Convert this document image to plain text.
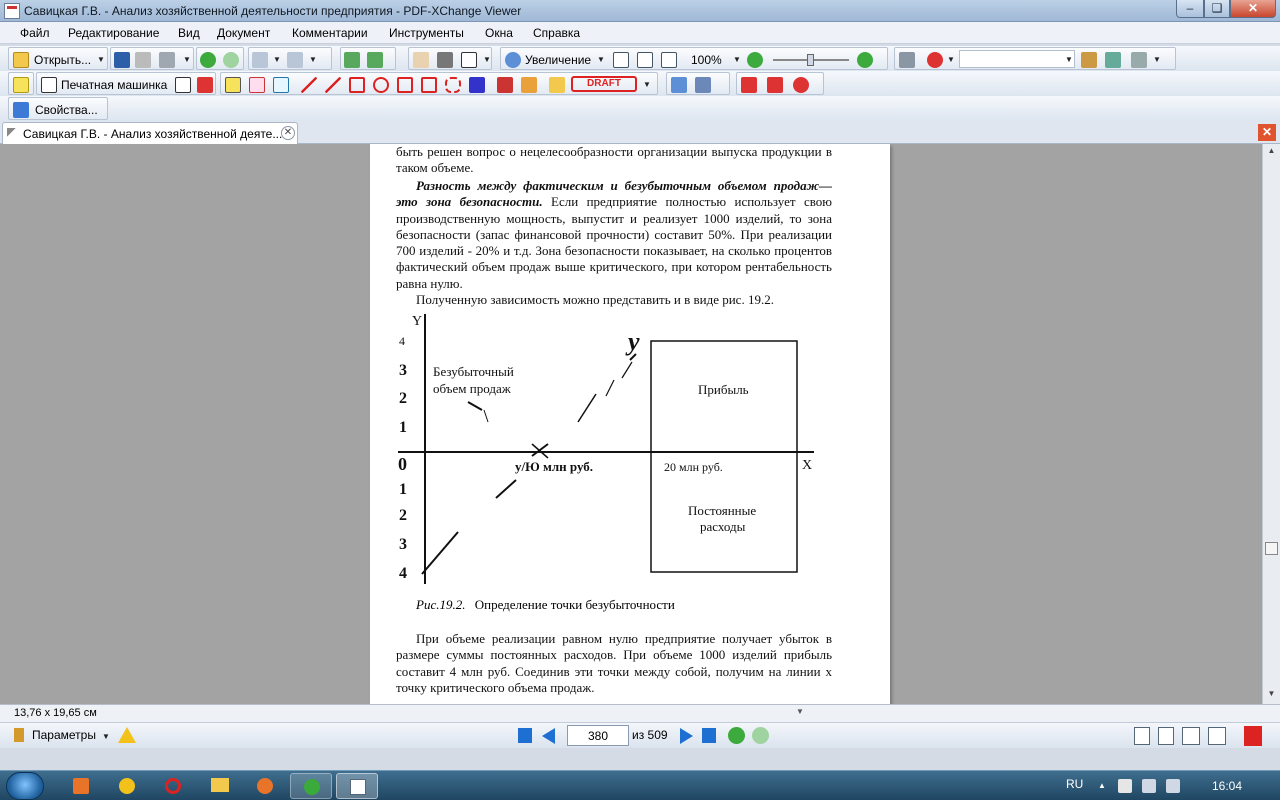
Савицкая Г.В. - Анализ хозяйственной деятельности предприятия - PDF-XChange Viewer	–	❑	✕
Файл Редактирование Вид Документ Комментарии Инструменты Окна Справка
Открыть... ▼	▼	▼	▼	▼	Увеличение ▼	100% ▼	▼	▼	▼
Печатная машинка	DRAFT	▼
Свойства...
Савицкая Г.В. - Анализ хозяйственной деяте... ✕	✕
быть решен вопрос о нецелесообразности организации выпуска продукции в таком объеме.
Разность между фактическим и безубыточным объемом продаж— это зона безопасности. Если предприятие полностью использует свою производственную мощность, выпустит и реализует 1000 изделий, то зона безопасности (запас финансовой прочности) составит 50%. При реализации 700 изделий - 20% и т.д. Зона безопасности показывает, на сколько процентов фактический объем продаж выше критического, при котором рентабельность равна нулю.
Полученную зависимость можно представить и в виде рис. 19.2.
Y
4
3
2
1
0
1
2
3
4
Безубыточный
объем продаж
y
Прибыль
Постоянные
расходы
у/Ю млн руб.	20 млн руб.	X
Рис.19.2. Определение точки безубыточности
При объеме реализации равном нулю предприятие получает убыток в размере суммы постоянных расходов. При объеме 1000 изделий прибыль составит 4 млн руб. Соединив эти точки между собой, получим на линии x точку критического объема продаж.
▲
▼
13,76 x 19,65 см	▼
Параметры ▼
380	из 509
RU ▲	16:04
